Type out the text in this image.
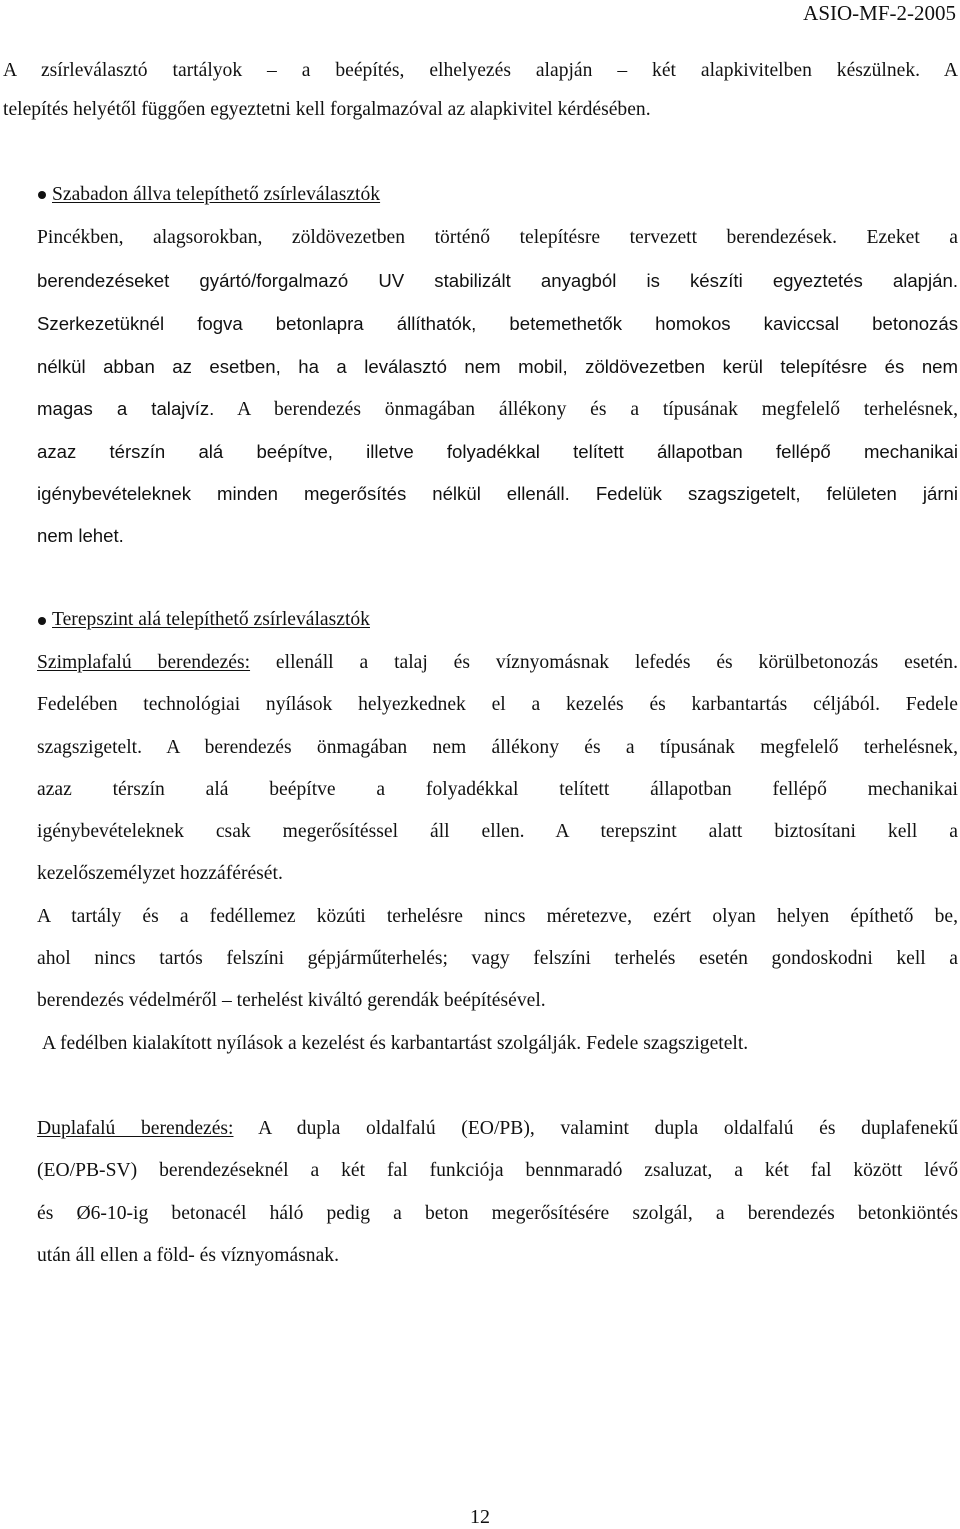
ASIO-MF-2-2005
A zsírleválasztó tartályok – a beépítés, elhelyezés alapján – két alapkivitelben készülnek. A
telepítés helyétől függően egyeztetni kell forgalmazóval az alapkivitel kérdésében.
Szabadon állva telepíthető zsírleválasztók
Pincékben, alagsorokban, zöldövezetben történő telepítésre tervezett berendezések. Ezeket a
berendezéseket gyártó/forgalmazó UV stabilizált anyagból is készíti egyeztetés alapján.
Szerkezetüknél fogva betonlapra állíthatók, betemethetők homokos kaviccsal betonozás
nélkül abban az esetben, ha a leválasztó nem mobil, zöldövezetben kerül telepítésre és nem
magas a talajvíz. A berendezés önmagában állékony és a típusának megfelelő terhelésnek,
azaz térszín alá beépítve, illetve folyadékkal telített állapotban fellépő mechanikai
igénybevételeknek minden megerősítés nélkül ellenáll. Fedelük szagszigetelt, felületen járni
nem lehet.
Terepszint alá telepíthető zsírleválasztók
Szimplafalú berendezés: ellenáll a talaj és víznyomásnak lefedés és körülbetonozás esetén.
Fedelében technológiai nyílások helyezkednek el a kezelés és karbantartás céljából. Fedele
szagszigetelt. A berendezés önmagában nem állékony és a típusának megfelelő terhelésnek,
azaz térszín alá beépítve a folyadékkal telített állapotban fellépő mechanikai
igénybevételeknek csak megerősítéssel áll ellen. A terepszint alatt biztosítani kell a
kezelőszemélyzet hozzáférését.
A tartály és a fedéllemez közúti terhelésre nincs méretezve, ezért olyan helyen építhető be,
ahol nincs tartós felszíni gépjárműterhelés; vagy felszíni terhelés esetén gondoskodni kell a
berendezés védelméről – terhelést kiváltó gerendák beépítésével.
A fedélben kialakított nyílások a kezelést és karbantartást szolgálják. Fedele szagszigetelt.
Duplafalú berendezés: A dupla oldalfalú (EO/PB), valamint dupla oldalfalú és duplafenekű
(EO/PB-SV) berendezéseknél a két fal funkciója bennmaradó zsaluzat, a két fal között lévő
és Ø6-10-ig betonacél háló pedig a beton megerősítésére szolgál, a berendezés betonkiöntés
után áll ellen a föld- és víznyomásnak.
12
